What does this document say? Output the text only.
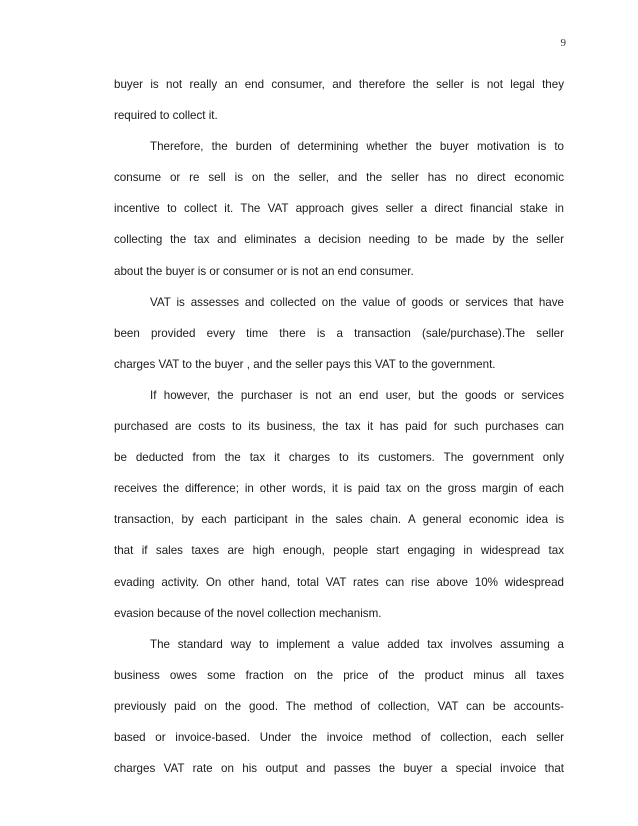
9
buyer is not really an end consumer, and therefore the seller is not legal they
required to collect it.
Therefore, the burden of determining whether the buyer motivation is to
consume or re sell is on the seller, and the seller has no direct economic
incentive to collect it. The VAT approach gives seller a direct financial stake in
collecting the tax and eliminates a decision needing to be made by the seller
about the buyer is or consumer or is not an end consumer.
VAT is assesses and collected on the value of goods or services that have
been provided every time there is a transaction (sale/purchase).The seller
charges VAT to the buyer , and the seller pays this VAT to the government.
If however, the purchaser is not an end user, but the goods or services
purchased are costs to its business, the tax it has paid for such purchases can
be deducted from the tax it charges to its customers. The government only
receives the difference; in other words, it is paid tax on the gross margin of each
transaction, by each participant in the sales chain. A general economic idea is
that if sales taxes are high enough, people start engaging in widespread tax
evading activity. On other hand, total VAT rates can rise above 10% widespread
evasion because of the novel collection mechanism.
The standard way to implement a value added tax involves assuming a
business owes some fraction on the price of the product minus all taxes
previously paid on the good. The method of collection, VAT can be accounts-
based or invoice-based. Under the invoice method of collection, each seller
charges VAT rate on his output and passes the buyer a special invoice that
